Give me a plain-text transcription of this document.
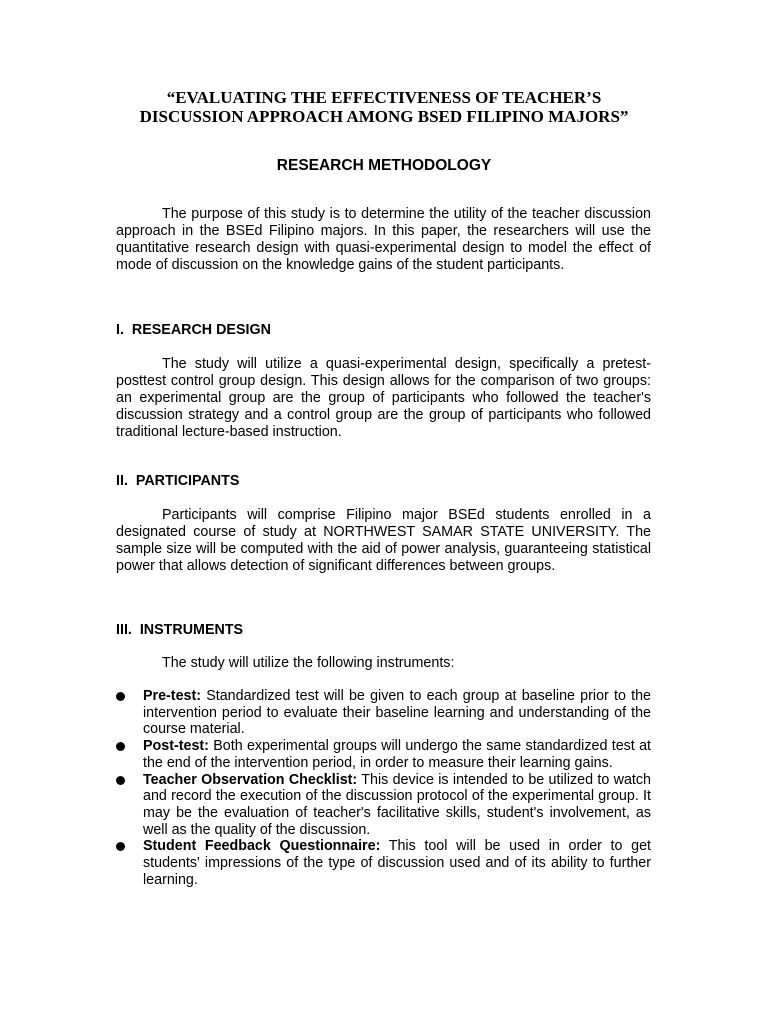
“EVALUATING THE EFFECTIVENESS OF TEACHER’S

DISCUSSION APPROACH AMONG BSED FILIPINO MAJORS”

RESEARCH METHODOLOGY

The purpose of this study is to determine the utility of the teacher discussion approach in the BSEd Filipino majors. In this paper, the researchers will use the quantitative research design with quasi-experimental design to model the effect of mode of discussion on the knowledge gains of the student participants.

I.  RESEARCH DESIGN

The study will utilize a quasi-experimental design, specifically a pretest-posttest control group design. This design allows for the comparison of two groups: an experimental group are the group of participants who followed the teacher's discussion strategy and a control group are the group of participants who followed traditional lecture-based instruction.

II.  PARTICIPANTS

Participants will comprise Filipino major BSEd students enrolled in a designated course of study at NORTHWEST SAMAR STATE UNIVERSITY. The sample size will be computed with the aid of power analysis, guaranteeing statistical power that allows detection of significant differences between groups.

III.  INSTRUMENTS

The study will utilize the following instruments:

Pre-test: Standardized test will be given to each group at baseline prior to the intervention period to evaluate their baseline learning and understanding of the course material.
Post-test: Both experimental groups will undergo the same standardized test at the end of the intervention period, in order to measure their learning gains.
Teacher Observation Checklist: This device is intended to be utilized to watch and record the execution of the discussion protocol of the experimental group. It may be the evaluation of teacher's facilitative skills, student's involvement, as well as the quality of the discussion.
Student Feedback Questionnaire: This tool will be used in order to get students' impressions of the type of discussion used and of its ability to further learning.
